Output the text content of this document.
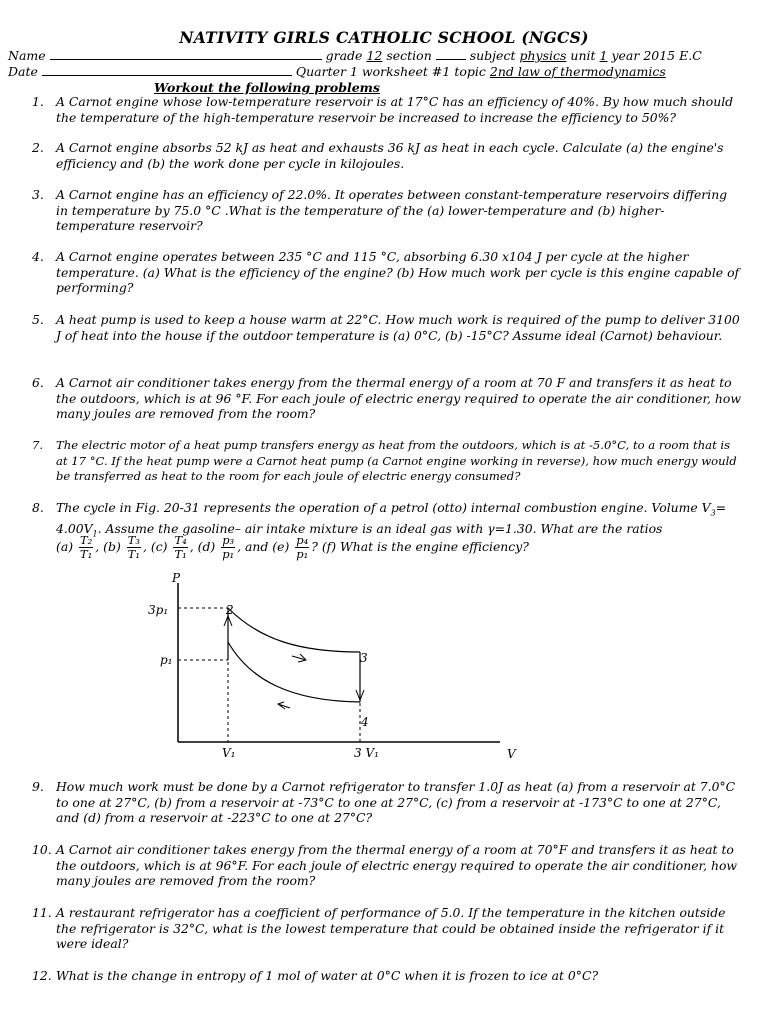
NATIVITY GIRLS CATHOLIC SCHOOL (NGCS)
Name	grade 12 section	subject physics unit 1 year 2015 E.C
Date	Quarter 1 worksheet #1 topic 2nd law of thermodynamics
Workout the following problems
1. A Carnot engine whose low-temperature reservoir is at 17°C has an efficiency of 40%. By how much should the temperature of the high-temperature reservoir be increased to increase the efficiency to 50%?
2. A Carnot engine absorbs 52 kJ as heat and exhausts 36 kJ as heat in each cycle. Calculate (a) the engine's efficiency and (b) the work done per cycle in kilojoules.
3. A Carnot engine has an efficiency of 22.0%. It operates between constant-temperature reservoirs differing in temperature by 75.0 °C .What is the temperature of the (a) lower-temperature and (b) higher-temperature reservoir?
4. A Carnot engine operates between 235 °C and 115 °C, absorbing 6.30 x104 J per cycle at the higher temperature. (a) What is the efficiency of the engine? (b) How much work per cycle is this engine capable of performing?
5. A heat pump is used to keep a house warm at 22°C. How much work is required of the pump to deliver 3100 J of heat into the house if the outdoor temperature is (a) 0°C, (b) -15°C? Assume ideal (Carnot) behaviour.
6. A Carnot air conditioner takes energy from the thermal energy of a room at 70 F and transfers it as heat to the outdoors, which is at 96 °F. For each joule of electric energy required to operate the air conditioner, how many joules are removed from the room?
7.	The electric motor of a heat pump transfers energy as heat from the outdoors, which is at -5.0°C, to a room that is at 17 °C. If the heat pump were a Carnot heat pump (a Carnot engine working in reverse), how much energy would be transferred as heat to the room for each joule of electric energy consumed?
8. The cycle in Fig. 20-31 represents the operation of a petrol (otto) internal combustion engine. Volume $V_3= 4.00V_1$. Assume the gasoline– air intake mixture is an ideal gas with γ=1.30. What are the ratios
$(a) \frac{\text{T₂}}{\text{T₁}}$ , $(b) \frac{\text{T₃}}{\text{T₁}}$ , $(c) \frac{\text{T₄}}{\text{T₁}}$ , $(d) \frac{\text{p₃}}{\text{p₁}}$ , and $(e) \frac{\text{p₄}}{\text{p₁}}$ ? (f) What is the engine efficiency?
P
V
3p₁
p₁
2
3
4
V₁	3 V₁
9. How much work must be done by a Carnot refrigerator to transfer 1.0J as heat (a) from a reservoir at 7.0°C to one at 27°C, (b) from a reservoir at -73°C to one at 27°C, (c) from a reservoir at -173°C to one at 27°C, and (d) from a reservoir at -223°C to one at 27°C?
10. A Carnot air conditioner takes energy from the thermal energy of a room at 70°F and transfers it as heat to the outdoors, which is at 96°F. For each joule of electric energy required to operate the air conditioner, how many joules are removed from the room?
11. A restaurant refrigerator has a coefficient of performance of 5.0. If the temperature in the kitchen outside the refrigerator is 32°C, what is the lowest temperature that could be obtained inside the refrigerator if it were ideal?
12. What is the change in entropy of 1 mol of water at 0°C when it is frozen to ice at 0°C?
